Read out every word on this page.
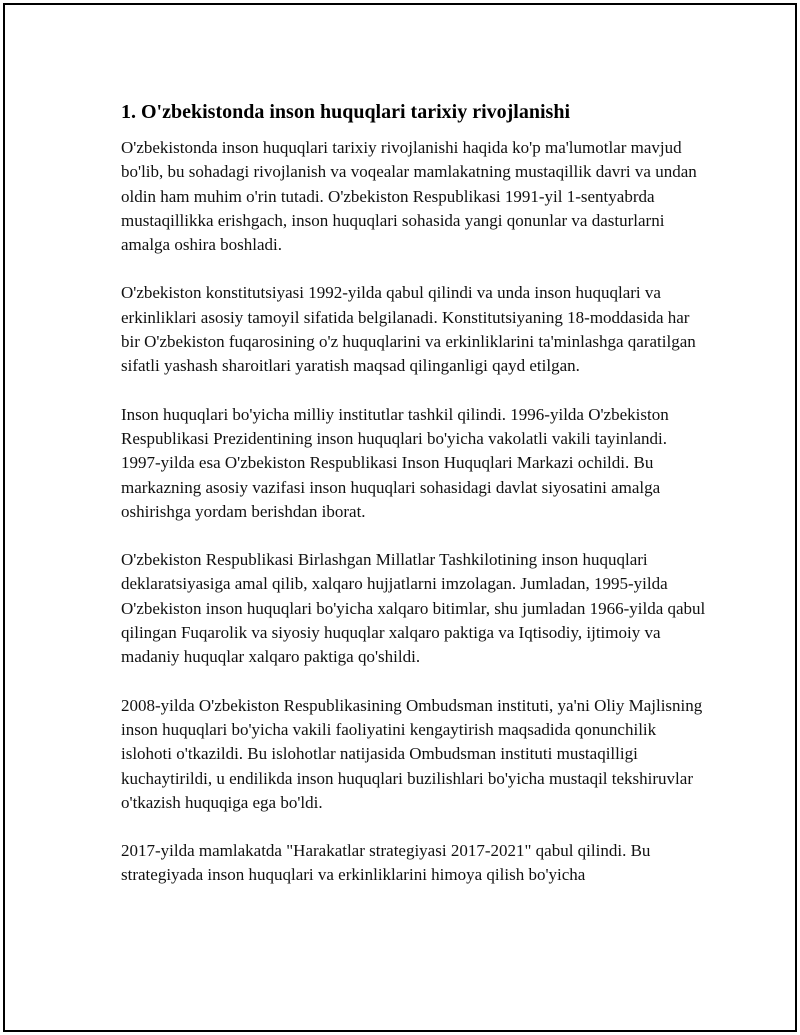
1. O'zbekistonda inson huquqlari tarixiy rivojlanishi

O'zbekistonda inson huquqlari tarixiy rivojlanishi haqida ko'p ma'lumotlar mavjud bo'lib, bu sohadagi rivojlanish va voqealar mamlakatning mustaqillik davri va undan oldin ham muhim o'rin tutadi. O'zbekiston Respublikasi 1991-yil 1-sentyabrda mustaqillikka erishgach, inson huquqlari sohasida yangi qonunlar va dasturlarni amalga oshira boshladi.

O'zbekiston konstitutsiyasi 1992-yilda qabul qilindi va unda inson huquqlari va erkinliklari asosiy tamoyil sifatida belgilanadi. Konstitutsiyaning 18-moddasida har bir O'zbekiston fuqarosining o'z huquqlarini va erkinliklarini ta'minlashga qaratilgan sifatli yashash sharoitlari yaratish maqsad qilinganligi qayd etilgan.

Inson huquqlari bo'yicha milliy institutlar tashkil qilindi. 1996-yilda O'zbekiston Respublikasi Prezidentining inson huquqlari bo'yicha vakolatli vakili tayinlandi. 1997-yilda esa O'zbekiston Respublikasi Inson Huquqlari Markazi ochildi. Bu markazning asosiy vazifasi inson huquqlari sohasidagi davlat siyosatini amalga oshirishga yordam berishdan iborat.

O'zbekiston Respublikasi Birlashgan Millatlar Tashkilotining inson huquqlari deklaratsiyasiga amal qilib, xalqaro hujjatlarni imzolagan. Jumladan, 1995-yilda O'zbekiston inson huquqlari bo'yicha xalqaro bitimlar, shu jumladan 1966-yilda qabul qilingan Fuqarolik va siyosiy huquqlar xalqaro paktiga va Iqtisodiy, ijtimoiy va madaniy huquqlar xalqaro paktiga qo'shildi.

2008-yilda O'zbekiston Respublikasining Ombudsman instituti, ya'ni Oliy Majlisning inson huquqlari bo'yicha vakili faoliyatini kengaytirish maqsadida qonunchilik islohoti o'tkazildi. Bu islohotlar natijasida Ombudsman instituti mustaqilligi kuchaytirildi, u endilikda inson huquqlari buzilishlari bo'yicha mustaqil tekshiruvlar o'tkazish huquqiga ega bo'ldi.

2017-yilda mamlakatda "Harakatlar strategiyasi 2017-2021" qabul qilindi. Bu strategiyada inson huquqlari va erkinliklarini himoya qilish bo'yicha
